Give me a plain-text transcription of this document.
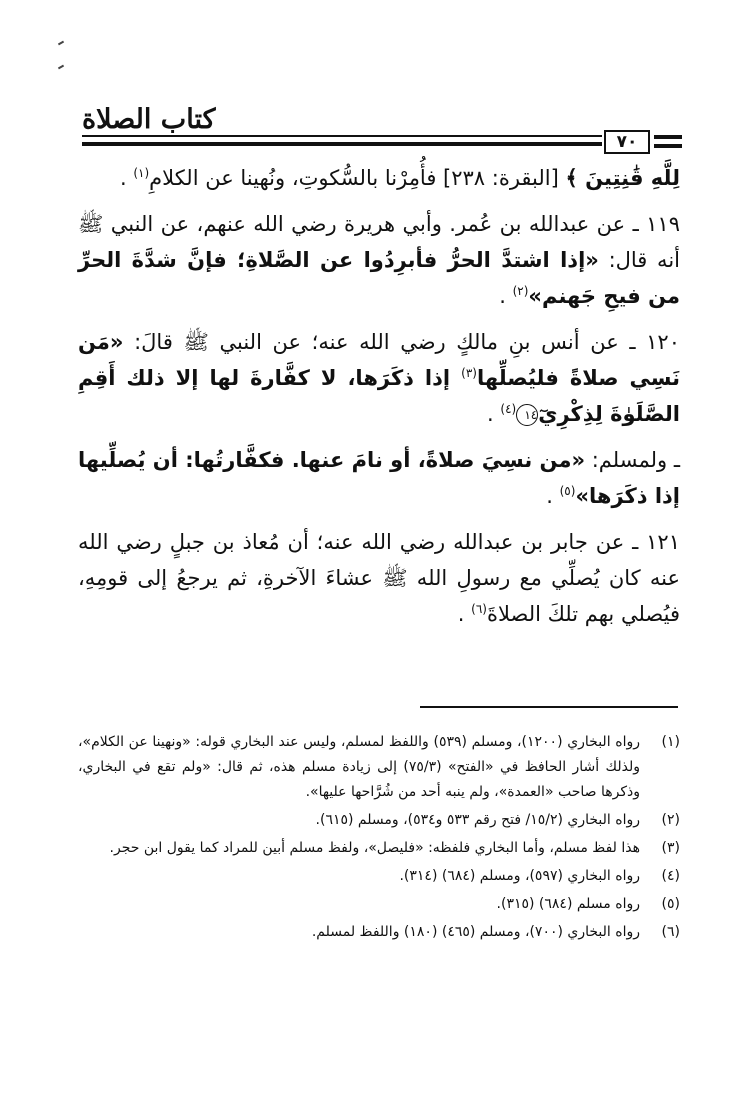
كتاب الصلاة
٧٠

لِلَّهِ قَٰنِتِينَ ﴾ [البقرة: ٢٣٨] فأُمِرْنا بالسُّكوتِ، ونُهينا عن الكلامِ$^{(١)}$ .

١١٩ ـ عن عبدالله بن عُمر. وأبي هريرة رضي الله عنهم، عن النبي ﷺ أنه قال: «إذا اشتدَّ الحرُّ فأبرِدُوا عن الصَّلاةِ؛ فإنَّ شدَّةَ الحرِّ من فيحِ جَهنم»$^{(٢)}$ .

١٢٠ ـ عن أنس بنِ مالكٍ رضي الله عنه؛ عن النبي ﷺ قالَ: «مَن نَسِي صلاةً فليُصلِّها$^{(٣)}$ إذا ذكَرَها، لا كفَّارةَ لها إلا ذلك أَقِمِ الصَّلَوٰةَ لِذِكْرِيٓ١٤$^{(٤)}$ .

ـ ولمسلم: «من نسِيَ صلاةً، أو نامَ عنها. فكفَّارتُها: أن يُصلِّيها إذا ذكَرَها»$^{(٥)}$ .

١٢١ ـ عن جابر بن عبدالله رضي الله عنه؛ أن مُعاذ بن جبلٍ رضي الله عنه كان يُصلِّي مع رسولِ الله ﷺ عشاءَ الآخرةِ، ثم يرجعُ إلى قومِهِ، فيُصلي بهم تلكَ الصلاةَ$^{(٦)}$ .

(١)
رواه البخاري (١٢٠٠)، ومسلم (٥٣٩) واللفظ لمسلم، وليس عند البخاري قوله: «ونهينا عن الكلام»، ولذلك أشار الحافظ في «الفتح» (٧٥/٣) إلى زيادة مسلم هذه، ثم قال: «ولم تقع في البخاري، وذكرها صاحب «العمدة»، ولم ينبه أحد من شُرَّاحها عليها».
(٢)
رواه البخاري (١٥/٢/ فتح رقم ٥٣٣ و٥٣٤)، ومسلم (٦١٥).
(٣)
هذا لفظ مسلم، وأما البخاري فلفظه: «فليصل»، ولفظ مسلم أبين للمراد كما يقول ابن حجر.
(٤)
رواه البخاري (٥٩٧)، ومسلم (٦٨٤) (٣١٤).
(٥)
رواه مسلم (٦٨٤) (٣١٥).
(٦)
رواه البخاري (٧٠٠)، ومسلم (٤٦٥) (١٨٠) واللفظ لمسلم.
